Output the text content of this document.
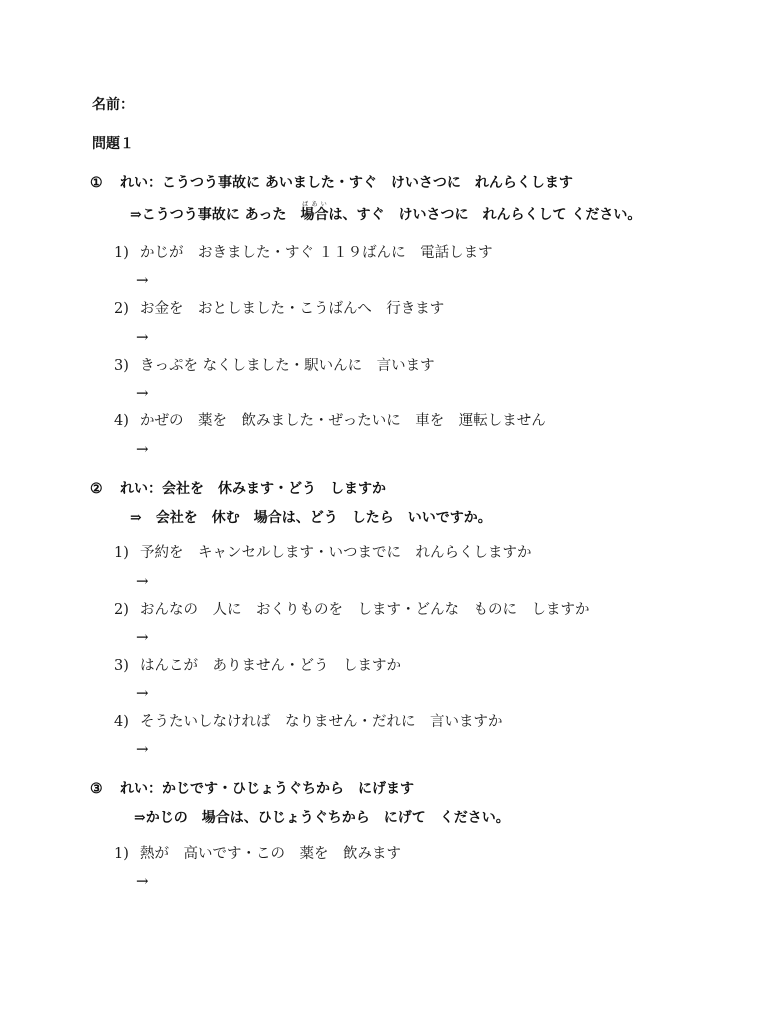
名前：
問題１
① れい：こうつう事故に あいました・すぐ　けいさつに　れんらくします
⇒こうつう事故に あった　場合ばあいは、すぐ　けいさつに　れんらくして ください。
1) かじが　おきました・すぐ １１９ばんに　電話します
→
2) お金を　おとしました・こうばんへ　行きます
→
3) きっぷを なくしました・駅いんに　言います
→
4) かぜの　薬を　飲みました・ぜったいに　車を　運転しません
→
② れい：会社を　休みます・どう　しますか
⇒　会社を　休む　場合は、どう　したら　いいですか。
1) 予約を　キャンセルします・いつまでに　れんらくしますか
→
2) おんなの　人に　おくりものを　します・どんな　ものに　しますか
→
3) はんこが　ありません・どう　しますか
→
4) そうたいしなければ　なりません・だれに　言いますか
→
③ れい：かじです・ひじょうぐちから　にげます
⇒かじの　場合は、ひじょうぐちから　にげて　ください。
1) 熱が　高いです・この　薬を　飲みます
→
